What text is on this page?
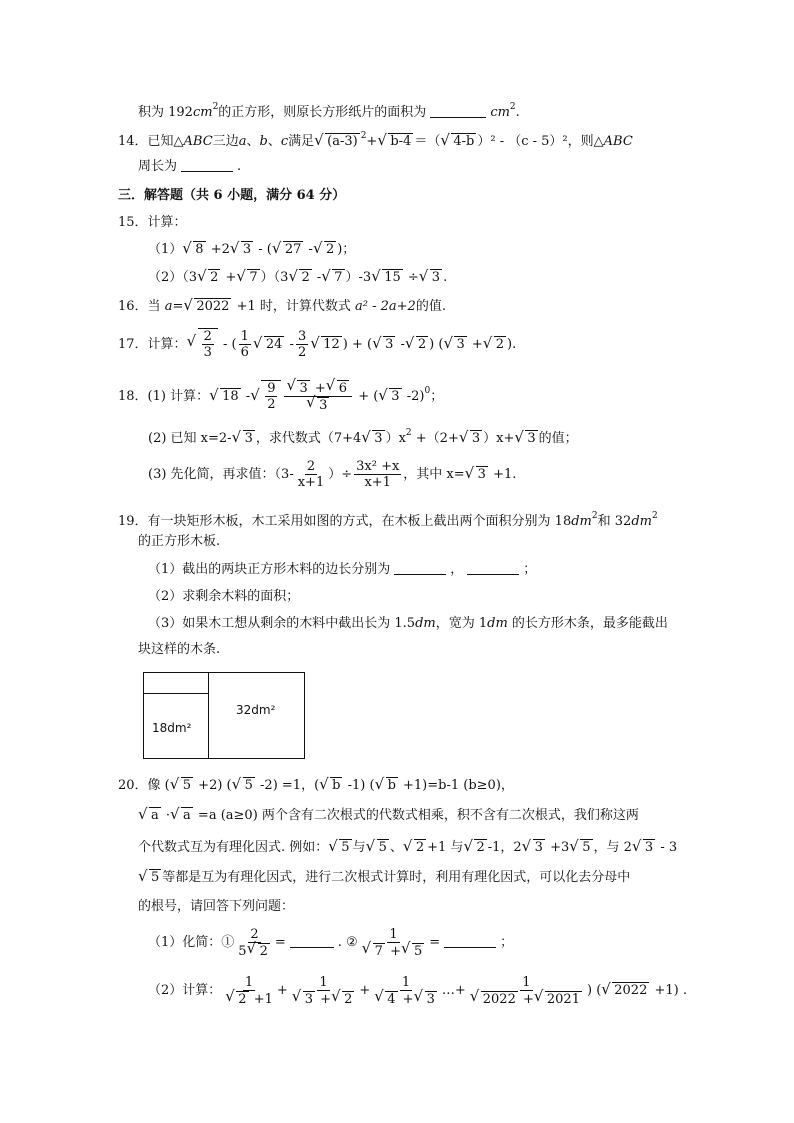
积为 $192cm^2$的正方形，则原长方形纸片的面积为	$cm^2$.
14．已知△ABC三边a、b、c满足√ (a-3) $^2$+√ b-4 ＝（√ 4-b ）² - （c - 5）²，则△ABC
周长为	.
三．解答题（共 6 小题，满分 64 分）
15．计算：
（1）√ 8 +2√ 3 - (√ 27 -√ 2 )；
（2）（3√ 2 +√ 7 ）（3√ 2 -√ 7 ）-3√ 15 ÷√ 3 .
16．当 a=√ 2022 +1 时，计算代数式 a² - 2a+2的值.
17．计算：
√ $\frac{2}{3}$ - ( $\frac{1}{6}$
√ $24 - \frac{3}{2}$
√ 12 ) + (√ 3 -√ 2 ) (√ 3 +√ 2 ).
18．(1) 计算：√ 18 -
√ $\frac{9}{2}$
√ 3 +√ 6
√ 3 + (√ 3 -2)$^0$；
(2) 已知 x=2-√ 3 ，求代数式（7+4√ 3 ）$x^2 +(2+√$ 3 ）x+√ 3 的值；
(3) 先化简，再求值：（$3- \frac{2}{x+1}$ ）÷ $\frac{\text{3x² +x}}{x+1}$ ，其中 x=√ 3 +1.
19．有一块矩形木板，木工采用如图的方式，在木板上截出两个面积分别为 $18dm^2$和 $32dm^2$
的正方形木板.
（1）截出的两块正方形木料的边长分别为	，	；
（2）求剩余木料的面积；
（3）如果木工想从剩余的木料中截出长为 1.5dm，宽为 1dm 的长方形木条，最多能截出
块这样的木条.
18dm²
32dm²
20．像 (√ 5 +2) (√ 5 -2) =1，(√ b -1) (√ b +1)=b-1 (b≥0)，
√ a ·√ a =a (a≥0) 两个含有二次根式的代数式相乘，积不含有二次根式，我们称这两
个代数式互为有理化因式. 例如：√ 5 与√ 5 、√ 2 +1 与√ 2 -1，2√ 3 +3√ 5 ，与 2√ 3 - 3
√ 5 等都是互为有理化因式，进行二次根式计算时，利用有理化因式，可以化去分母中
的根号，请回答下列问题：
（1）化简：① $\frac{2}{5√ 2}$ =	. ② 1
√ 7 +√ 5 =	；
（2）计算： 1
√ 2 +1 + 1
√ 3 +√ 2 + 1
√ 4 +√ 3 …+ 1
√ 2022 +√ 2021 ) (√ 2022 +1) .
